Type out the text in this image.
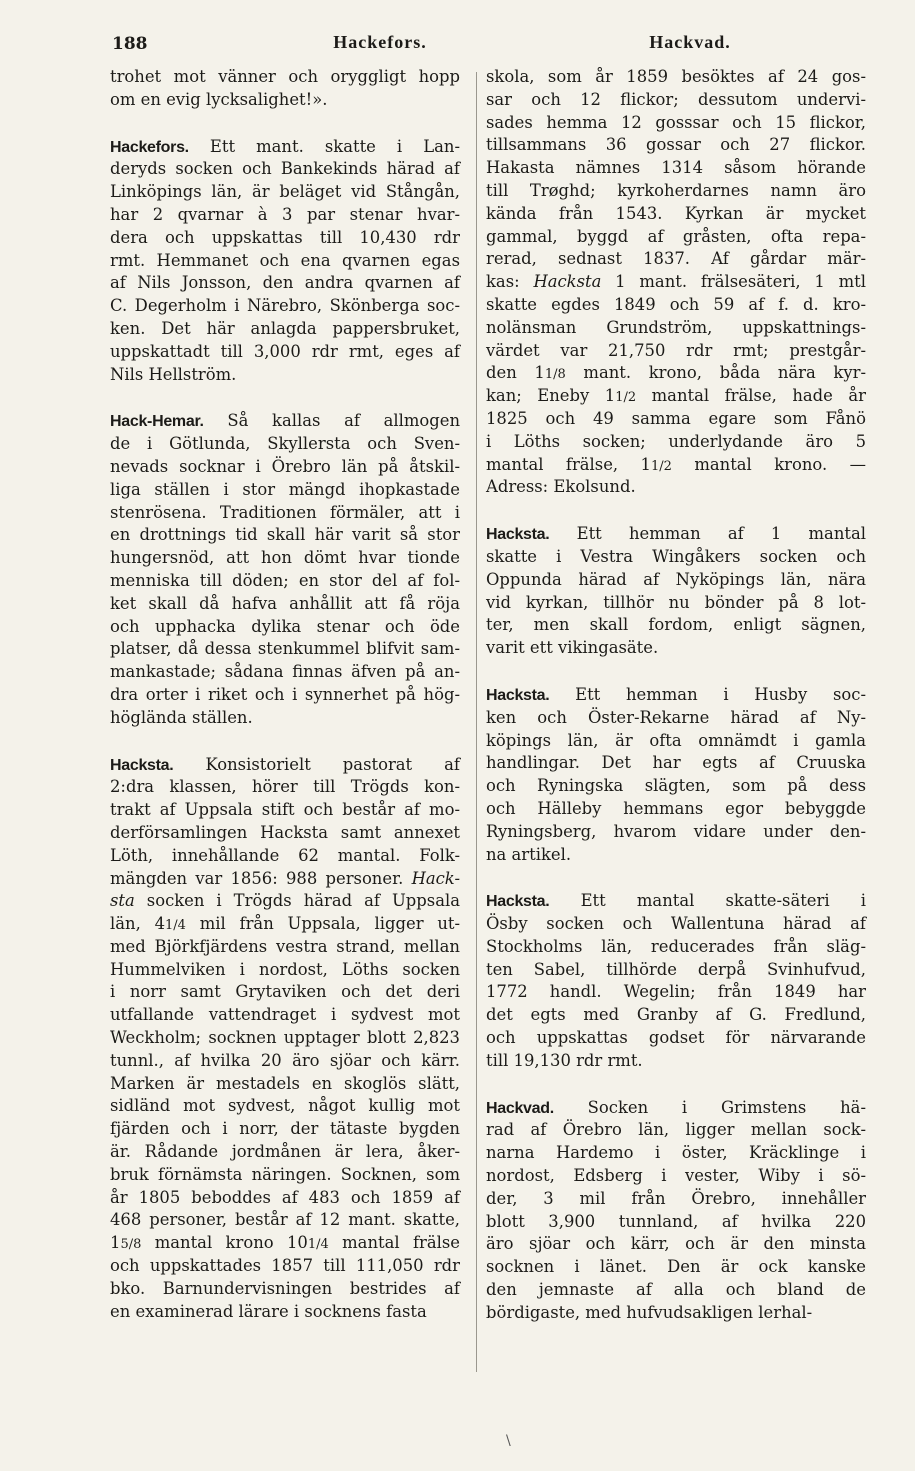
188	Hackefors.	Hackvad.
trohet mot vänner och oryggligt hopp
om en evig lycksalighet!».
Hackefors. Ett mant. skatte i Lan-
deryds socken och Bankekinds härad af
Linköpings län, är beläget vid Stångån,
har 2 qvarnar à 3 par stenar hvar-
dera och uppskattas till 10,430 rdr
rmt. Hemmanet och ena qvarnen egas
af Nils Jonsson, den andra qvarnen af
C. Degerholm i Närebro, Skönberga soc-
ken. Det här anlagda pappersbruket,
uppskattadt till 3,000 rdr rmt, eges af
Nils Hellström.
Hack-Hemar. Så kallas af allmogen
de i Götlunda, Skyllersta och Sven-
nevads socknar i Örebro län på åtskil-
liga ställen i stor mängd ihopkastade
stenrösena. Traditionen förmäler, att i
en drottnings tid skall här varit så stor
hungersnöd, att hon dömt hvar tionde
menniska till döden; en stor del af fol-
ket skall då hafva anhållit att få röja
och upphacka dylika stenar och öde
platser, då dessa stenkummel blifvit sam-
mankastade; sådana finnas äfven på an-
dra orter i riket och i synnerhet på hög-
höglända ställen.
Hacksta. Konsistorielt pastorat af
2:dra klassen, hörer till Trögds kon-
trakt af Uppsala stift och består af mo-
derförsamlingen Hacksta samt annexet
Löth, innehållande 62 mantal. Folk-
mängden var 1856: 988 personer. Hack-
sta socken i Trögds härad af Uppsala
län, 41/4 mil från Uppsala, ligger ut-
med Björkfjärdens vestra strand, mellan
Hummelviken i nordost, Löths socken
i norr samt Grytaviken och det deri
utfallande vattendraget i sydvest mot
Weckholm; socknen upptager blott 2,823
tunnl., af hvilka 20 äro sjöar och kärr.
Marken är mestadels en skoglös slätt,
sidländ mot sydvest, något kullig mot
fjärden och i norr, der tätaste bygden
är. Rådande jordmånen är lera, åker-
bruk förnämsta näringen. Socknen, som
år 1805 beboddes af 483 och 1859 af
468 personer, består af 12 mant. skatte,
15/8 mantal krono 101/4 mantal frälse
och uppskattades 1857 till 111,050 rdr
bko. Barnundervisningen bestrides af
en examinerad lärare i socknens fasta
skola, som år 1859 besöktes af 24 gos-
sar och 12 flickor; dessutom undervi-
sades hemma 12 gosssar och 15 flickor,
tillsammans 36 gossar och 27 flickor.
Hakasta nämnes 1314 såsom hörande
till Trøghd; kyrkoherdarnes namn äro
kända från 1543. Kyrkan är mycket
gammal, byggd af gråsten, ofta repa-
rerad, sednast 1837. Af gårdar mär-
kas: Hacksta 1 mant. frälsesäteri, 1 mtl
skatte egdes 1849 och 59 af f. d. kro-
nolänsman Grundström, uppskattnings-
värdet var 21,750 rdr rmt; prestgår-
den 11/8 mant. krono, båda nära kyr-
kan; Eneby 11/2 mantal frälse, hade år
1825 och 49 samma egare som Fånö
i Löths socken; underlydande äro 5
mantal frälse, 11/2 mantal krono. —
Adress: Ekolsund.
Hacksta. Ett hemman af 1 mantal
skatte i Vestra Wingåkers socken och
Oppunda härad af Nyköpings län, nära
vid kyrkan, tillhör nu bönder på 8 lot-
ter, men skall fordom, enligt sägnen,
varit ett vikingasäte.
Hacksta. Ett hemman i Husby soc-
ken och Öster-Rekarne härad af Ny-
köpings län, är ofta omnämdt i gamla
handlingar. Det har egts af Cruuska
och Ryningska slägten, som på dess
och Hälleby hemmans egor bebyggde
Ryningsberg, hvarom vidare under den-
na artikel.
Hacksta. Ett mantal skatte-säteri i
Ösby socken och Wallentuna härad af
Stockholms län, reducerades från släg-
ten Sabel, tillhörde derpå Svinhufvud,
1772 handl. Wegelin; från 1849 har
det egts med Granby af G. Fredlund,
och uppskattas godset för närvarande
till 19,130 rdr rmt.
Hackvad. Socken i Grimstens hä-
rad af Örebro län, ligger mellan sock-
narna Hardemo i öster, Kräcklinge i
nordost, Edsberg i vester, Wiby i sö-
der, 3 mil från Örebro, innehåller
blott 3,900 tunnland, af hvilka 220
äro sjöar och kärr, och är den minsta
socknen i länet. Den är ock kanske
den jemnaste af alla och bland de
bördigaste, med hufvudsakligen lerhal-
\
